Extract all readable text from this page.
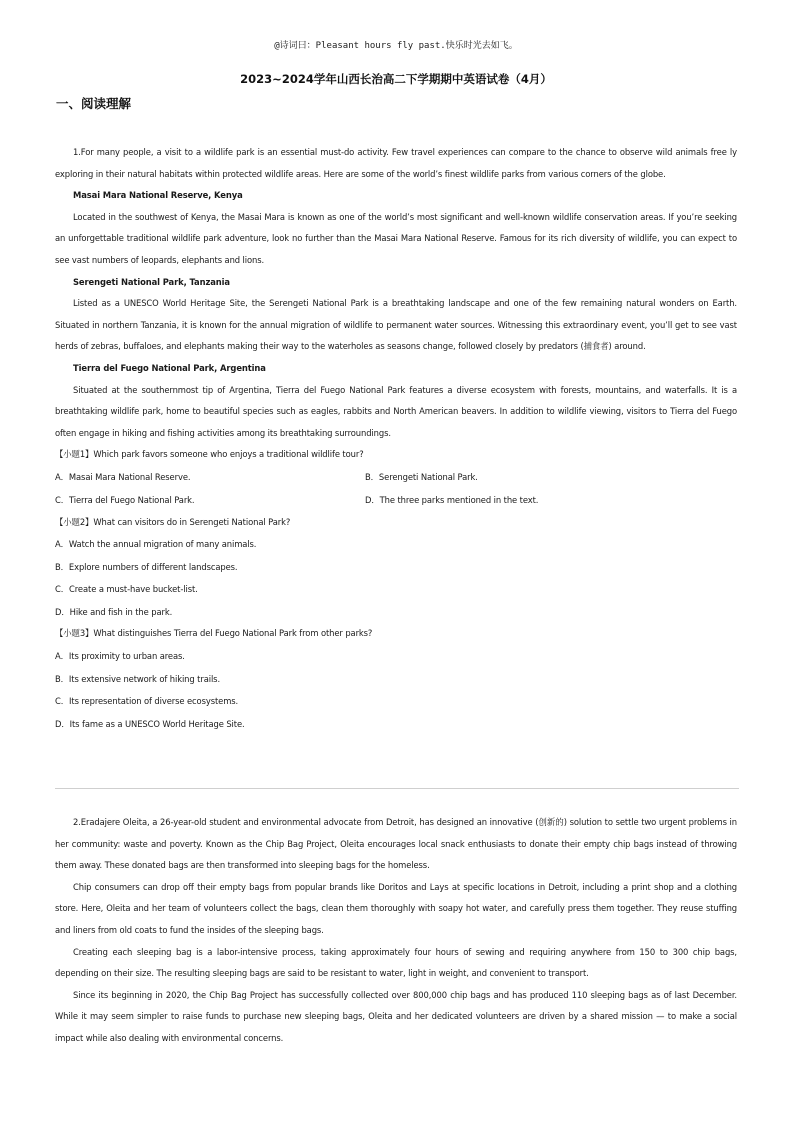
@诗词曰：Pleasant hours fly past.快乐时光去如飞。
2023~2024学年山西长治高二下学期期中英语试卷（4月）
一、阅读理解

1.For many people, a visit to a wildlife park is an essential must-do activity. Few travel experiences can compare to the chance to observe wild animals free ly exploring in their natural habitats within protected wildlife areas. Here are some of the world’s finest wildlife parks from various corners of the globe.

Masai Mara National Reserve, Kenya

Located in the southwest of Kenya, the Masai Mara is known as one of the world’s most significant and well-known wildlife conservation areas. If you’re seeking an unforgettable traditional wildlife park adventure, look no further than the Masai Mara National Reserve. Famous for its rich diversity of wildlife, you can expect to see vast numbers of leopards, elephants and lions.

Serengeti National Park, Tanzania

Listed as a UNESCO World Heritage Site, the Serengeti National Park is a breathtaking landscape and one of the few remaining natural wonders on Earth. Situated in northern Tanzania, it is known for the annual migration of wildlife to permanent water sources. Witnessing this extraordinary event, you’ll get to see vast herds of zebras, buffaloes, and elephants making their way to the waterholes as seasons change, followed closely by predators (捕食者) around.

Tierra del Fuego National Park, Argentina

Situated at the southernmost tip of Argentina, Tierra del Fuego National Park features a diverse ecosystem with forests, mountains, and waterfalls. It is a breathtaking wildlife park, home to beautiful species such as eagles, rabbits and North American beavers. In addition to wildlife viewing, visitors to Tierra del Fuego often engage in hiking and fishing activities among its breathtaking surroundings.

【小题1】Which park favors someone who enjoys a traditional wildlife tour?

A．Masai Mara National Reserve.	B．Serengeti National Park.
C．Tierra del Fuego National Park.	D．The three parks mentioned in the text.

【小题2】What can visitors do in Serengeti National Park?

A．Watch the annual migration of many animals.

B．Explore numbers of different landscapes.

C．Create a must-have bucket-list.

D．Hike and fish in the park.

【小题3】What distinguishes Tierra del Fuego National Park from other parks?

A．Its proximity to urban areas.

B．Its extensive network of hiking trails.

C．Its representation of diverse ecosystems.

D．Its fame as a UNESCO World Heritage Site.

2.Eradajere Oleita, a 26-year-old student and environmental advocate from Detroit, has designed an innovative (创新的) solution to settle two urgent problems in her community: waste and poverty. Known as the Chip Bag Project, Oleita encourages local snack enthusiasts to donate their empty chip bags instead of throwing them away. These donated bags are then transformed into sleeping bags for the homeless.

Chip consumers can drop off their empty bags from popular brands like Doritos and Lays at specific locations in Detroit, including a print shop and a clothing store. Here, Oleita and her team of volunteers collect the bags, clean them thoroughly with soapy hot water, and carefully press them together. They reuse stuffing and liners from old coats to fund the insides of the sleeping bags.

Creating each sleeping bag is a labor-intensive process, taking approximately four hours of sewing and requiring anywhere from 150 to 300 chip bags, depending on their size. The resulting sleeping bags are said to be resistant to water, light in weight, and convenient to transport.

Since its beginning in 2020, the Chip Bag Project has successfully collected over 800,000 chip bags and has produced 110 sleeping bags as of last December. While it may seem simpler to raise funds to purchase new sleeping bags, Oleita and her dedicated volunteers are driven by a shared mission — to make a social impact while also dealing with environmental concerns.
